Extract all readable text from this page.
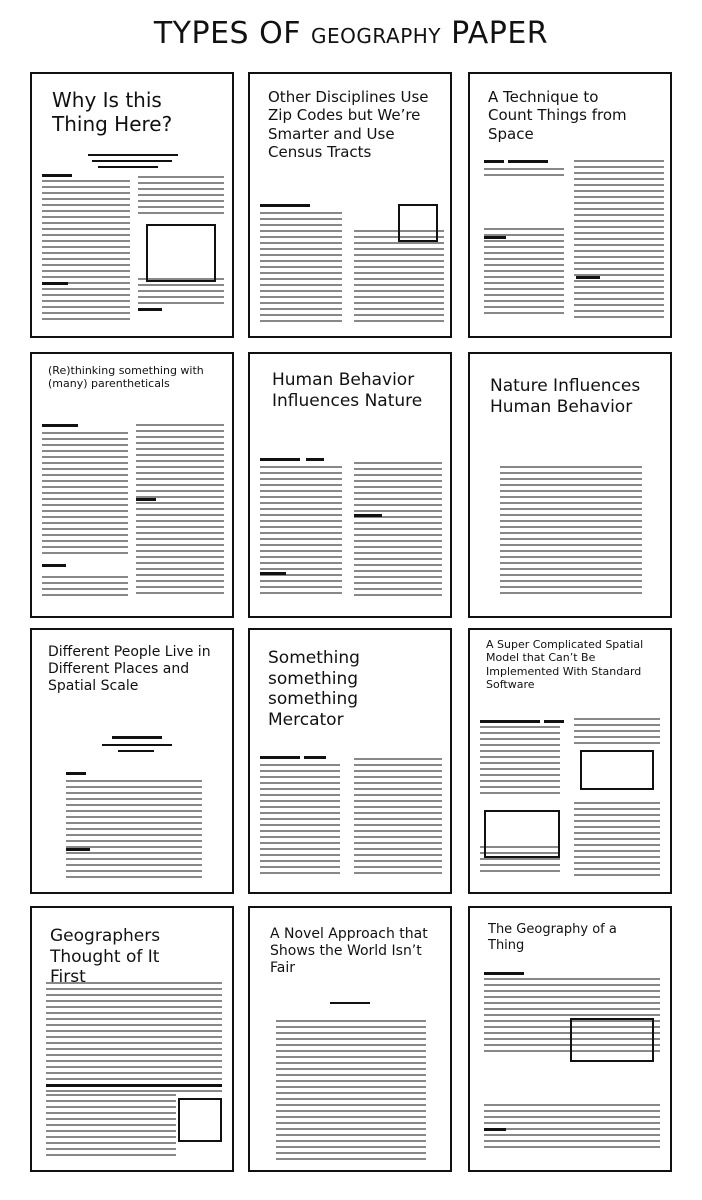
TYPES OF GEOGRAPHY PAPER

Why Is this Thing Here?

Other Disciplines Use Zip Codes but We’re Smarter and Use Census Tracts

A Technique to Count Things from Space

(Re)thinking something with (many) parentheticals	Human Behavior Influences Nature

Nature Influences Human Behavior

Different People Live in Different Places and Spatial Scale

Something something something Mercator

A Super Complicated Spatial Model that Can’t Be Implemented With Standard Software

Geographers Thought of It First

A Novel Approach that Shows the World Isn’t Fair

The Geography of a Thing
